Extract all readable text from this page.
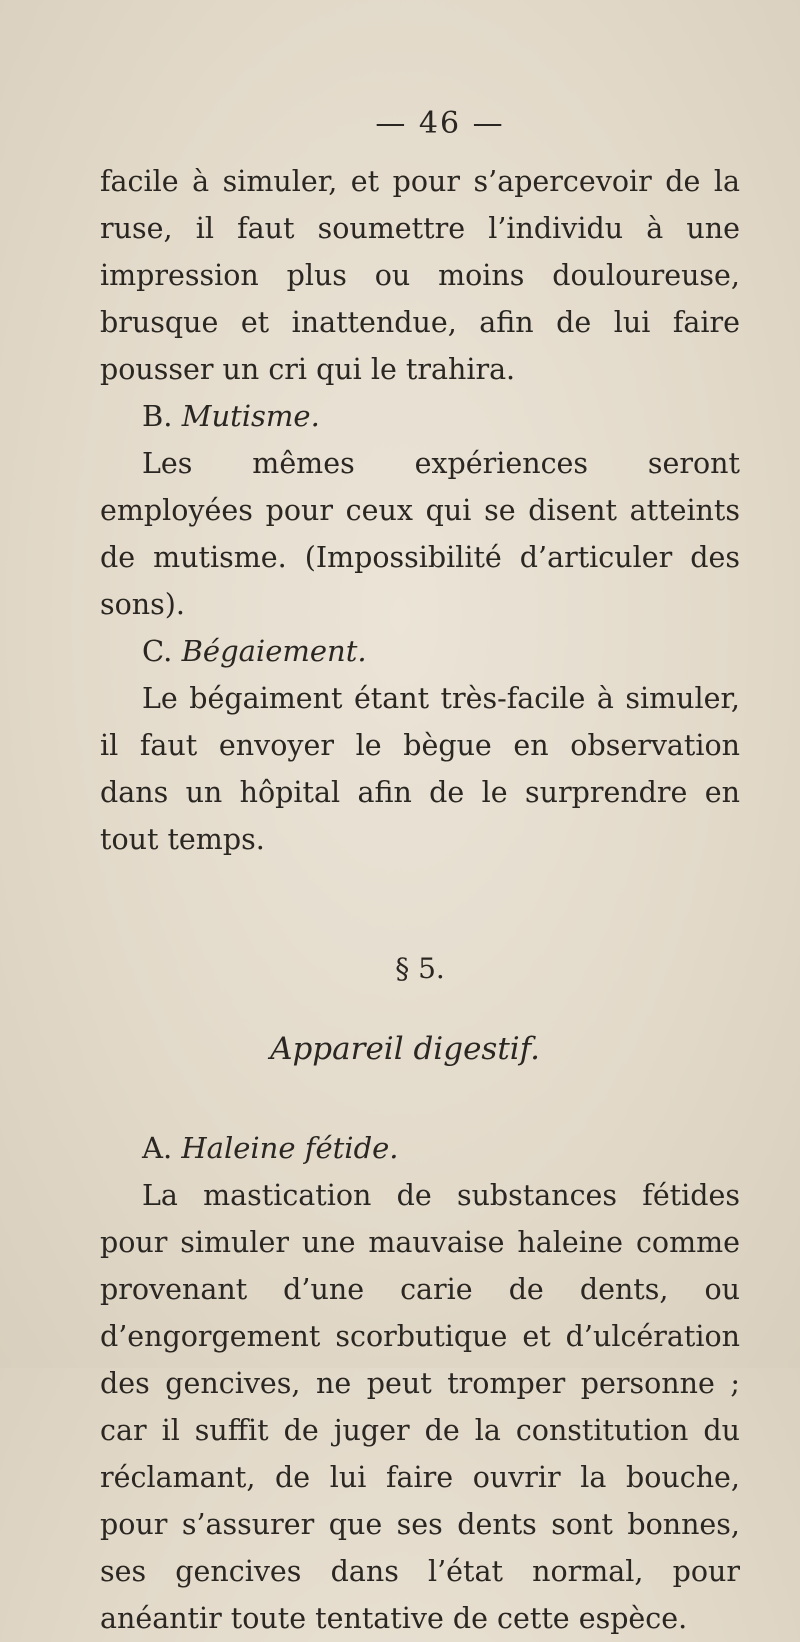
— 46 —

facile à simuler, et pour s’apercevoir de la ruse, il faut soumettre l’individu à une impression plus ou moins douloureuse, brusque et inattendue, afin de lui faire pousser un cri qui le trahira.

B. Mutisme.

Les mêmes expériences seront employées pour ceux qui se disent atteints de mutisme. (Impossibilité d’articuler des sons).

C. Bégaiement.

Le bégaiment étant très-facile à simuler, il faut envoyer le bègue en observation dans un hôpital afin de le surprendre en tout temps.

§ 5.
Appareil digestif.

A. Haleine fétide.

La mastication de substances fétides pour simuler une mauvaise haleine comme provenant d’une carie de dents, ou d’engorgement scorbutique et d’ulcération des gencives, ne peut tromper personne ; car il suffit de juger de la constitution du réclamant, de lui faire ouvrir la bouche, pour s’assurer que ses dents sont bonnes, ses gencives dans l’état normal, pour anéantir toute tentative de cette espèce.
